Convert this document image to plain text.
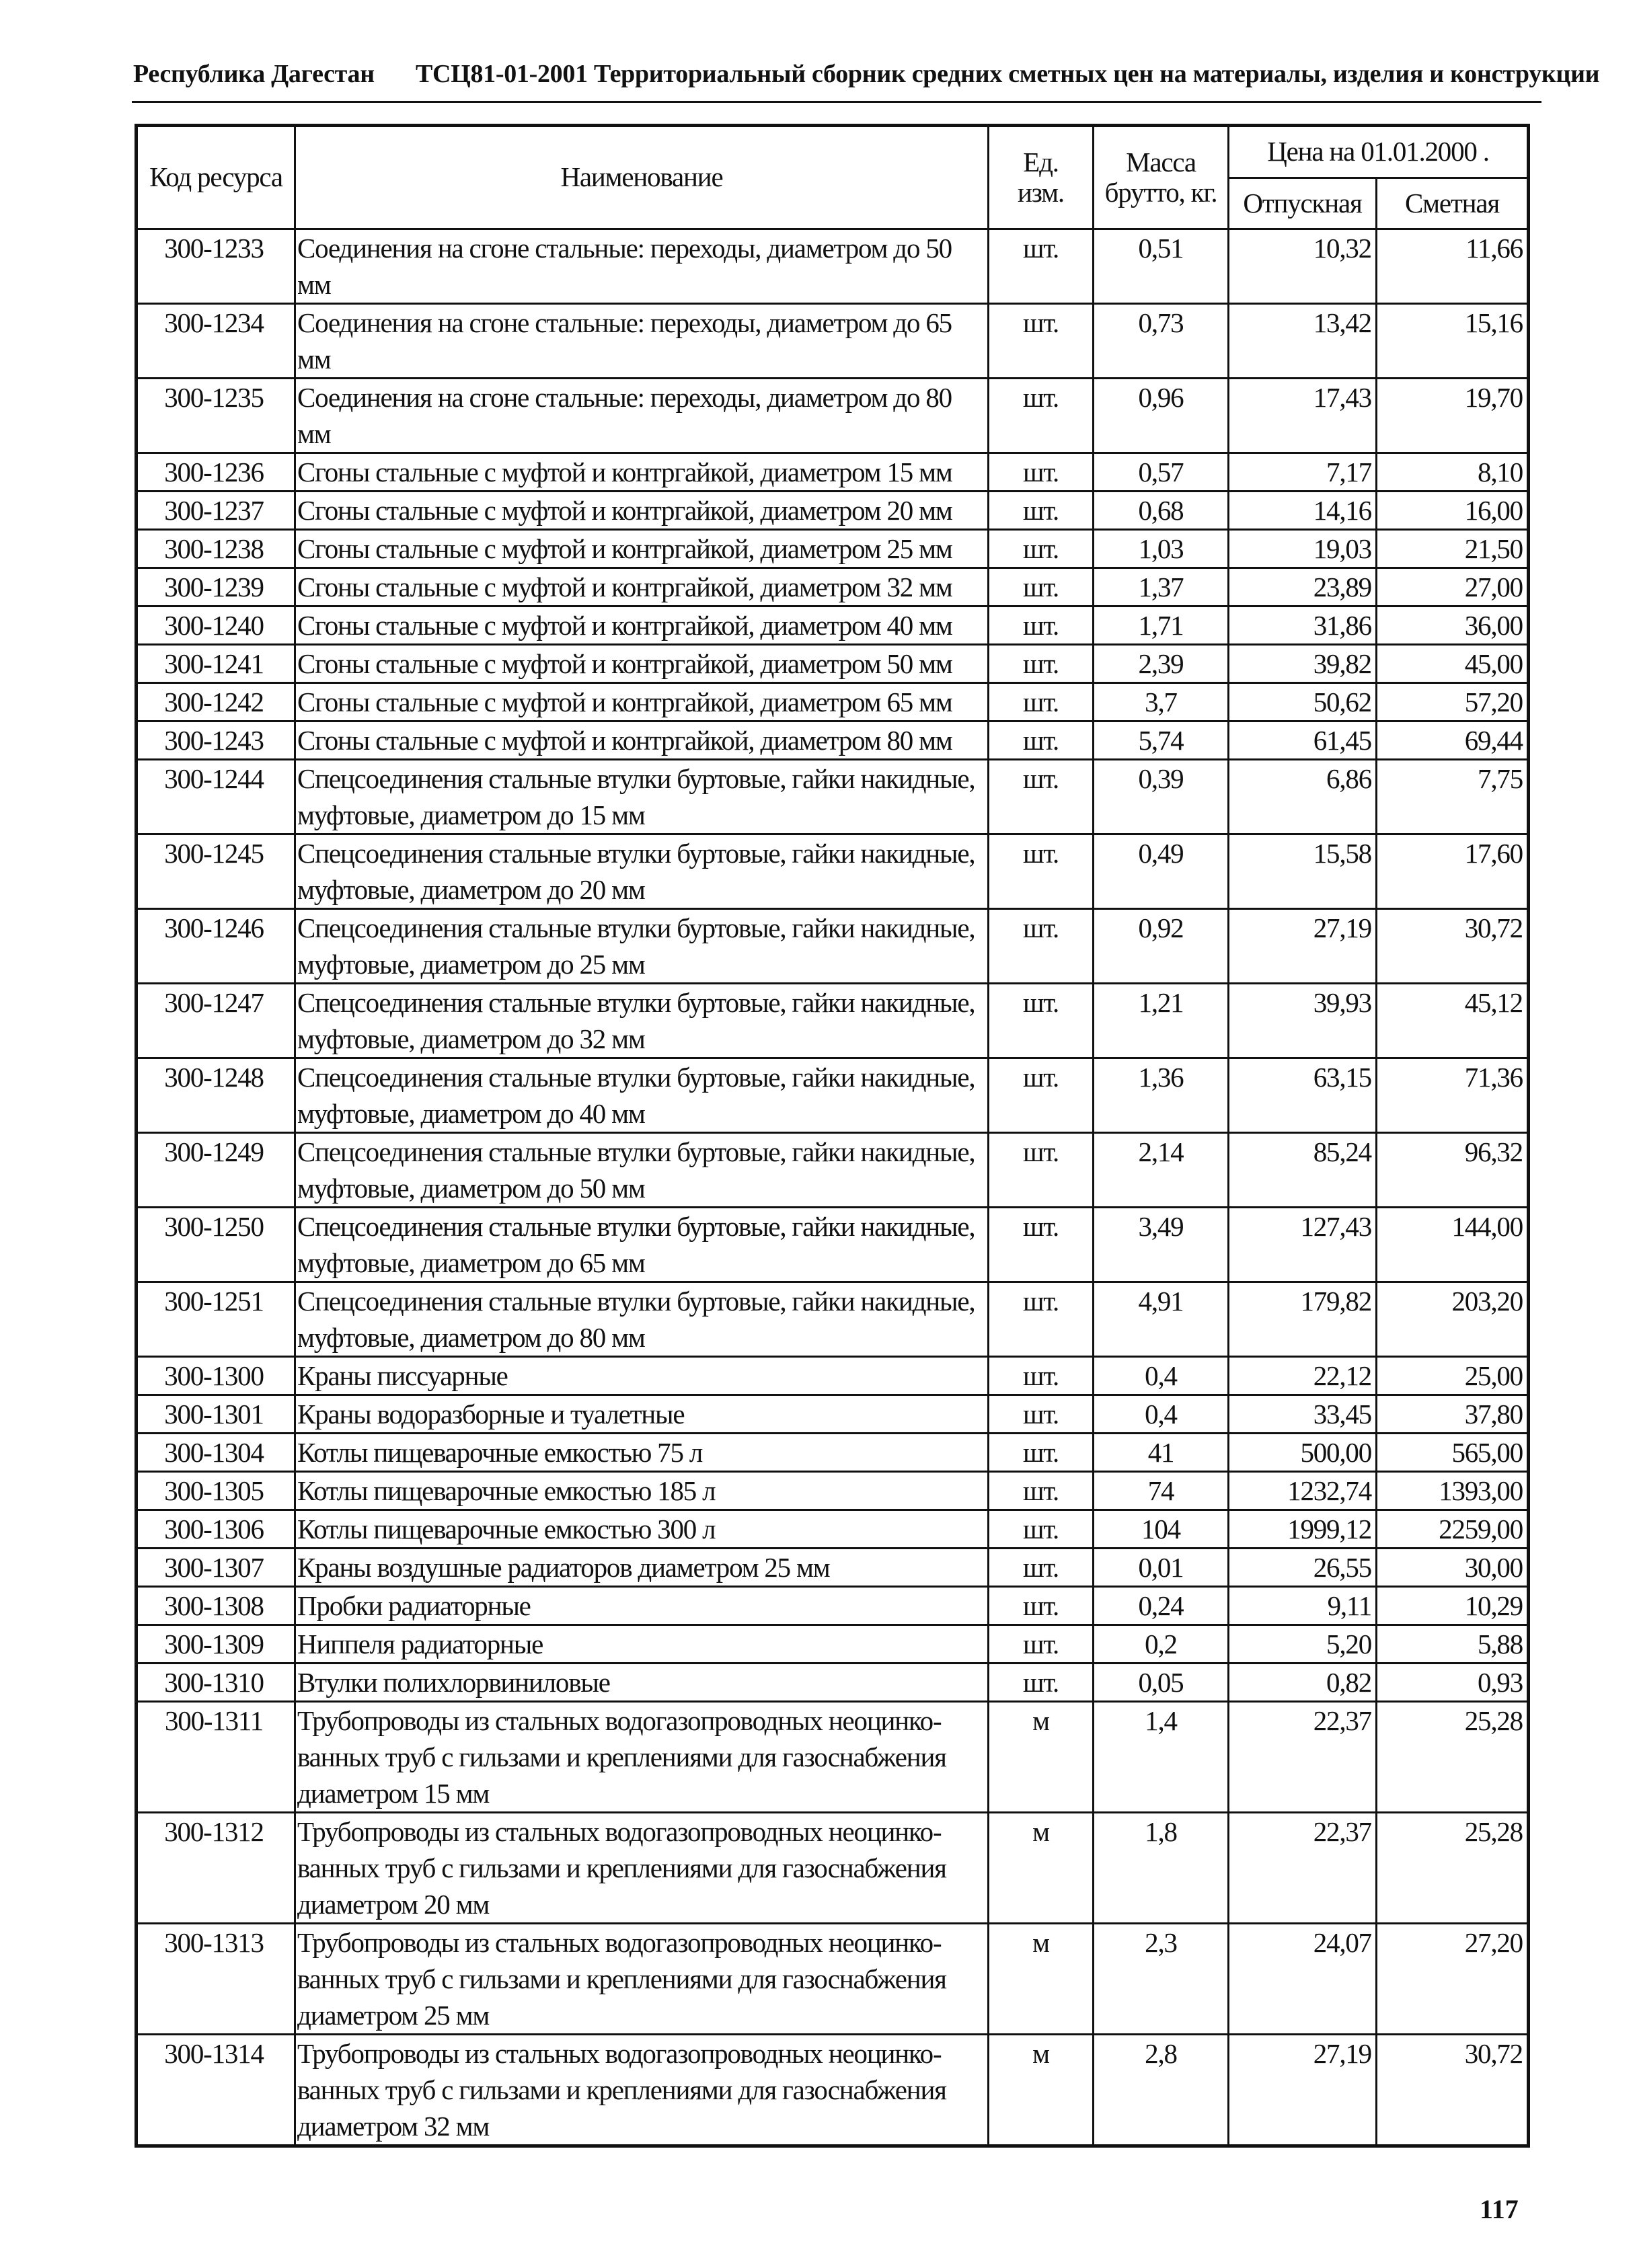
Республика Дагестан ТСЦ81-01-2001 Территориальный сборник средних сметных цен на материалы, изделия и конструкции
Код ресурса	Наименование	Ед. изм.	Масса брутто, кг.	Цена на 01.01.2000 .	
				Отпускная	Сметная
300-1233	Соединения на сгоне стальные: переходы, диаметром до 50 мм	шт.	0,51	10,32	11,66
300-1234	Соединения на сгоне стальные: переходы, диаметром до 65 мм	шт.	0,73	13,42	15,16
300-1235	Соединения на сгоне стальные: переходы, диаметром до 80 мм	шт.	0,96	17,43	19,70
300-1236	Сгоны стальные с муфтой и контргайкой, диаметром 15 мм	шт.	0,57	7,17	8,10
300-1237	Сгоны стальные с муфтой и контргайкой, диаметром 20 мм	шт.	0,68	14,16	16,00
300-1238	Сгоны стальные с муфтой и контргайкой, диаметром 25 мм	шт.	1,03	19,03	21,50
300-1239	Сгоны стальные с муфтой и контргайкой, диаметром 32 мм	шт.	1,37	23,89	27,00
300-1240	Сгоны стальные с муфтой и контргайкой, диаметром 40 мм	шт.	1,71	31,86	36,00
300-1241	Сгоны стальные с муфтой и контргайкой, диаметром 50 мм	шт.	2,39	39,82	45,00
300-1242	Сгоны стальные с муфтой и контргайкой, диаметром 65 мм	шт.	3,7	50,62	57,20
300-1243	Сгоны стальные с муфтой и контргайкой, диаметром 80 мм	шт.	5,74	61,45	69,44
300-1244	Спецсоединения стальные втулки буртовые, гайки накидные, муфтовые, диаметром до 15 мм	шт.	0,39	6,86	7,75
300-1245	Спецсоединения стальные втулки буртовые, гайки накидные, муфтовые, диаметром до 20 мм	шт.	0,49	15,58	17,60
300-1246	Спецсоединения стальные втулки буртовые, гайки накидные, муфтовые, диаметром до 25 мм	шт.	0,92	27,19	30,72
300-1247	Спецсоединения стальные втулки буртовые, гайки накидные, муфтовые, диаметром до 32 мм	шт.	1,21	39,93	45,12
300-1248	Спецсоединения стальные втулки буртовые, гайки накидные, муфтовые, диаметром до 40 мм	шт.	1,36	63,15	71,36
300-1249	Спецсоединения стальные втулки буртовые, гайки накидные, муфтовые, диаметром до 50 мм	шт.	2,14	85,24	96,32
300-1250	Спецсоединения стальные втулки буртовые, гайки накидные, муфтовые, диаметром до 65 мм	шт.	3,49	127,43	144,00
300-1251	Спецсоединения стальные втулки буртовые, гайки накидные, муфтовые, диаметром до 80 мм	шт.	4,91	179,82	203,20
300-1300	Краны писсуарные	шт.	0,4	22,12	25,00
300-1301	Краны водоразборные и туалетные	шт.	0,4	33,45	37,80
300-1304	Котлы пищеварочные емкостью 75 л	шт.	41	500,00	565,00
300-1305	Котлы пищеварочные емкостью 185 л	шт.	74	1232,74	1393,00
300-1306	Котлы пищеварочные емкостью 300 л	шт.	104	1999,12	2259,00
300-1307	Краны воздушные радиаторов диаметром 25 мм	шт.	0,01	26,55	30,00
300-1308	Пробки радиаторные	шт.	0,24	9,11	10,29
300-1309	Ниппеля радиаторные	шт.	0,2	5,20	5,88
300-1310	Втулки полихлорвиниловые	шт.	0,05	0,82	0,93
300-1311	Трубопроводы из стальных водогазопроводных неоцинко-ванных труб с гильзами и креплениями для газоснабжения диаметром 15 мм	м	1,4	22,37	25,28
300-1312	Трубопроводы из стальных водогазопроводных неоцинко-ванных труб с гильзами и креплениями для газоснабжения диаметром 20 мм	м	1,8	22,37	25,28
300-1313	Трубопроводы из стальных водогазопроводных неоцинко-ванных труб с гильзами и креплениями для газоснабжения диаметром 25 мм	м	2,3	24,07	27,20
300-1314	Трубопроводы из стальных водогазопроводных неоцинко-ванных труб с гильзами и креплениями для газоснабжения диаметром 32 мм	м	2,8	27,19	30,72
117
